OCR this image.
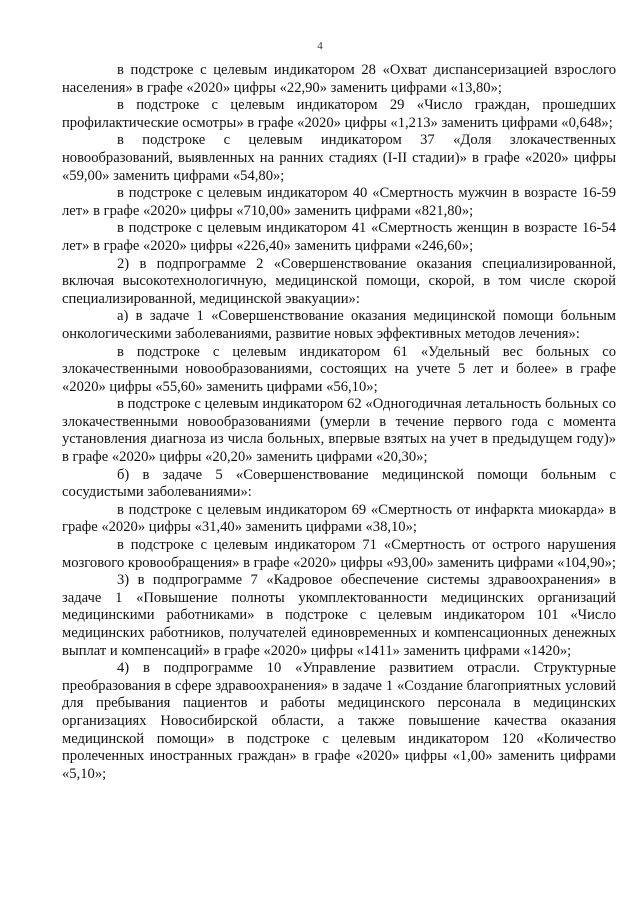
4

в подстроке с целевым индикатором 28 «Охват диспансеризацией взрослого населения» в графе «2020» цифры «22,90» заменить цифрами «13,80»;

в подстроке с целевым индикатором 29 «Число граждан, прошедших профилактические осмотры» в графе «2020» цифры «1,213» заменить цифрами «0,648»;

в подстроке с целевым индикатором 37 «Доля злокачественных новообразований, выявленных на ранних стадиях (I-II стадии)» в графе «2020» цифры «59,00» заменить цифрами «54,80»;

в подстроке с целевым индикатором 40 «Смертность мужчин в возрасте 16-59 лет» в графе «2020» цифры «710,00» заменить цифрами «821,80»;

в подстроке с целевым индикатором 41 «Смертность женщин в возрасте 16-54 лет» в графе «2020» цифры «226,40» заменить цифрами «246,60»;

2) в подпрограмме 2 «Совершенствование оказания специализированной, включая высокотехнологичную, медицинской помощи, скорой, в том числе скорой специализированной, медицинской эвакуации»:

а) в задаче 1 «Совершенствование оказания медицинской помощи больным онкологическими заболеваниями, развитие новых эффективных методов лечения»:

в подстроке с целевым индикатором 61 «Удельный вес больных со злокачественными новообразованиями, состоящих на учете 5 лет и более» в графе «2020» цифры «55,60» заменить цифрами «56,10»;

в подстроке с целевым индикатором 62 «Одногодичная летальность больных со злокачественными новообразованиями (умерли в течение первого года с момента установления диагноза из числа больных, впервые взятых на учет в предыдущем году)» в графе «2020» цифры «20,20» заменить цифрами «20,30»;

б) в задаче 5 «Совершенствование медицинской помощи больным с сосудистыми заболеваниями»:

в подстроке с целевым индикатором 69 «Смертность от инфаркта миокарда» в графе «2020» цифры «31,40» заменить цифрами «38,10»;

в подстроке с целевым индикатором 71 «Смертность от острого нарушения мозгового кровообращения» в графе «2020» цифры «93,00» заменить цифрами «104,90»;

3) в подпрограмме 7 «Кадровое обеспечение системы здравоохранения» в задаче 1 «Повышение полноты укомплектованности медицинских организаций медицинскими работниками» в подстроке с целевым индикатором 101 «Число медицинских работников, получателей единовременных и компенсационных денежных выплат и компенсаций» в графе «2020» цифры «1411» заменить цифрами «1420»;

4) в подпрограмме 10 «Управление развитием отрасли. Структурные преобразования в сфере здравоохранения» в задаче 1 «Создание благоприятных условий для пребывания пациентов и работы медицинского персонала в медицинских организациях Новосибирской области, а также повышение качества оказания медицинской помощи» в подстроке с целевым индикатором 120 «Количество пролеченных иностранных граждан» в графе «2020» цифры «1,00» заменить цифрами «5,10»;
